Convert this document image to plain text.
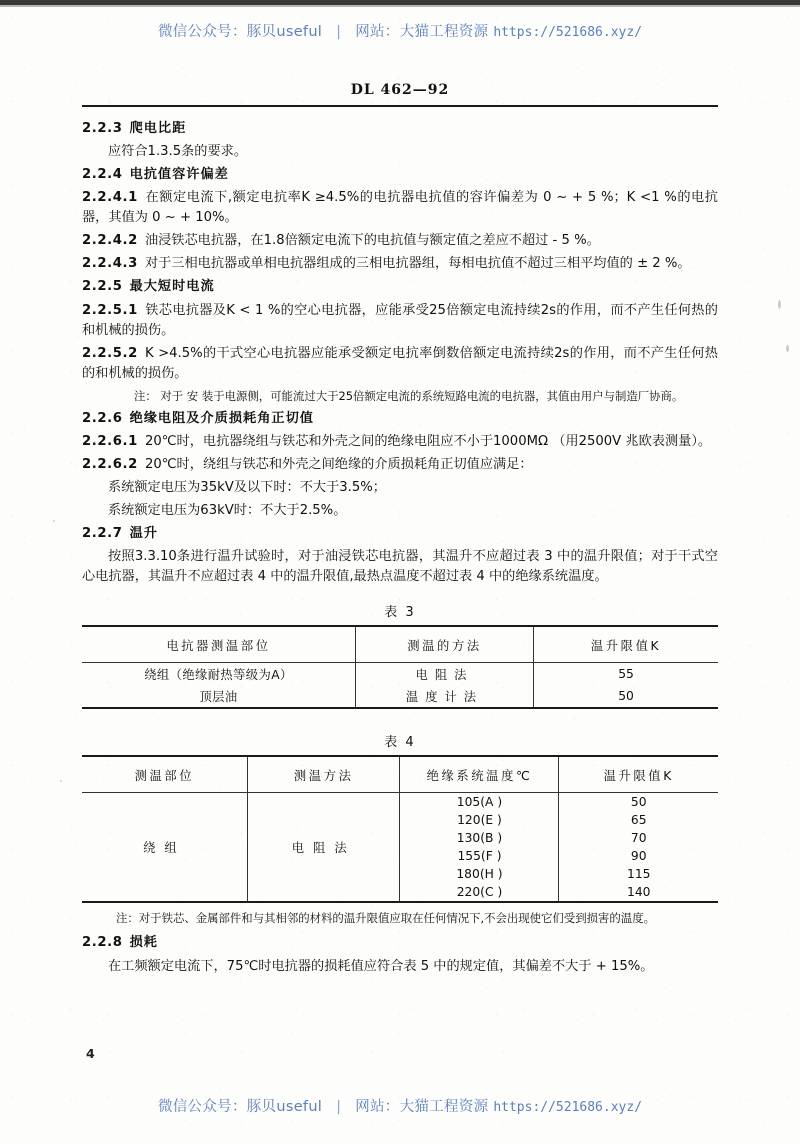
微信公众号：豚贝useful | 网站：大猫工程资源 https://521686.xyz/
DL 462—92
2.2.3 爬电比距
应符合1.3.5条的要求。
2.2.4 电抗值容许偏差
2.2.4.1 在额定电流下,额定电抗率K ≥4.5%的电抗器电抗值的容许偏差为 0 ~ + 5 %；K <1 %的电抗器，其值为 0 ~ + 10%。
2.2.4.2 油浸铁芯电抗器，在1.8倍额定电流下的电抗值与额定值之差应不超过 - 5 %。
2.2.4.3 对于三相电抗器或单相电抗器组成的三相电抗器组，每相电抗值不超过三相平均值的 ± 2 %。
2.2.5 最大短时电流
2.2.5.1 铁芯电抗器及K < 1 %的空心电抗器，应能承受25倍额定电流持续2s的作用，而不产生任何热的和机械的损伤。
2.2.5.2 K >4.5%的干式空心电抗器应能承受额定电抗率倒数倍额定电流持续2s的作用，而不产生任何热的和机械的损伤。
注： 对于 安 装于电源侧，可能流过大于25倍额定电流的系统短路电流的电抗器，其值由用户与制造厂协商。
2.2.6 绝缘电阻及介质损耗角正切值
2.2.6.1 20℃时，电抗器绕组与铁芯和外壳之间的绝缘电阻应不小于1000MΩ （用2500V 兆欧表测量）。
2.2.6.2 20℃时，绕组与铁芯和外壳之间绝缘的介质损耗角正切值应满足：
系统额定电压为35kV及以下时：不大于3.5%；
系统额定电压为63kV时：不大于2.5%。
2.2.7 温升
按照3.3.10条进行温升试验时，对于油浸铁芯电抗器，其温升不应超过表 3 中的温升限值；对于干式空心电抗器，其温升不应超过表 4 中的温升限值,最热点温度不超过表 4 中的绝缘系统温度。
表 3
电抗器测温部位	测温的方法	温升限值K
绕组（绝缘耐热等级为A）	电阻法	55
顶层油	温度计法	50
表 4
测温部位	测温方法	绝缘系统温度℃	温升限值K
绕组	电阻法	105(A )	50
		120(E )	65
		130(B )	70
		155(F )	90
		180(H )	115
		220(C )	140
注：对于铁芯、金属部件和与其相邻的材料的温升限值应取在任何情况下,不会出现使它们受到损害的温度。
2.2.8 损耗
在工频额定电流下，75℃时电抗器的损耗值应符合表 5 中的规定值，其偏差不大于 + 15%。
4
微信公众号：豚贝useful | 网站：大猫工程资源 https://521686.xyz/
